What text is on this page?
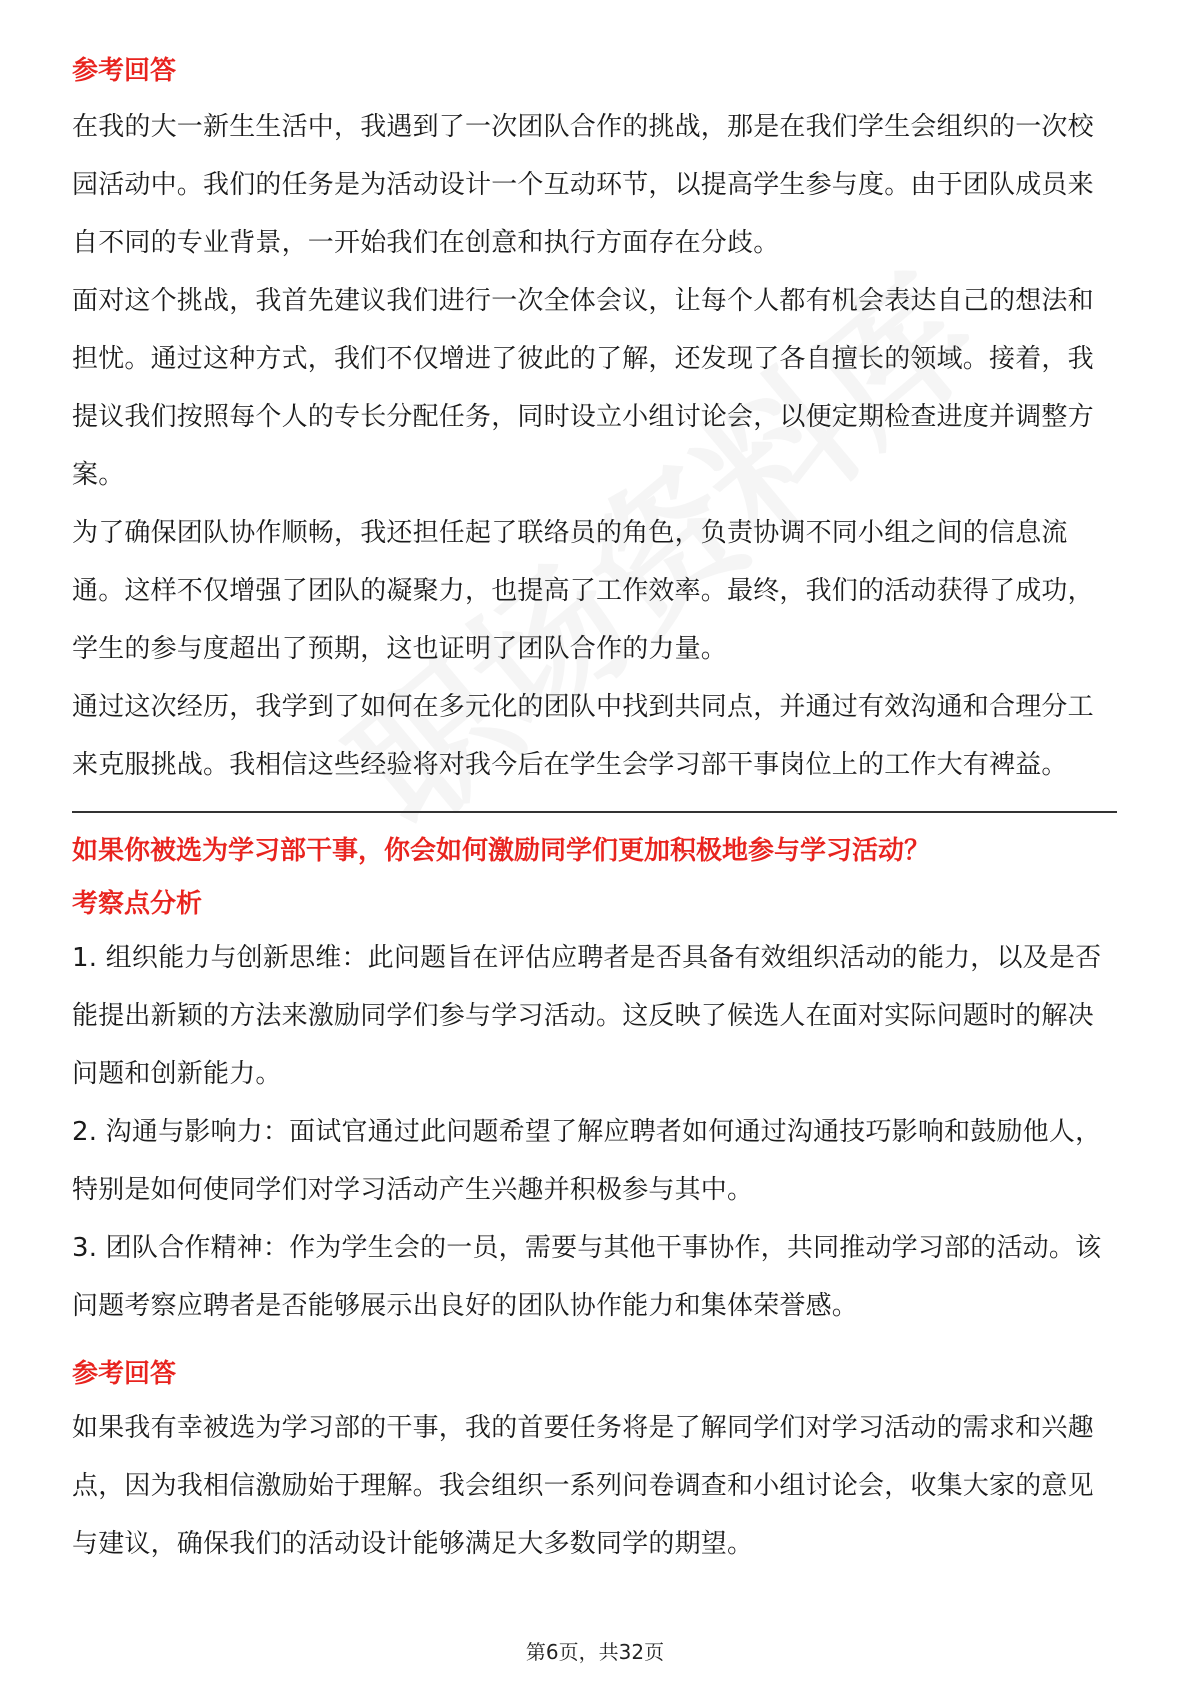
参考回答

在我的大一新生生活中，我遇到了一次团队合作的挑战，那是在我们学生会组织的一次校园活动中。我们的任务是为活动设计一个互动环节，以提高学生参与度。由于团队成员来自不同的专业背景，一开始我们在创意和执行方面存在分歧。

面对这个挑战，我首先建议我们进行一次全体会议，让每个人都有机会表达自己的想法和担忧。通过这种方式，我们不仅增进了彼此的了解，还发现了各自擅长的领域。接着，我提议我们按照每个人的专长分配任务，同时设立小组讨论会，以便定期检查进度并调整方案。

为了确保团队协作顺畅，我还担任起了联络员的角色，负责协调不同小组之间的信息流通。这样不仅增强了团队的凝聚力，也提高了工作效率。最终，我们的活动获得了成功，学生的参与度超出了预期，这也证明了团队合作的力量。

通过这次经历，我学到了如何在多元化的团队中找到共同点，并通过有效沟通和合理分工来克服挑战。我相信这些经验将对我今后在学生会学习部干事岗位上的工作大有裨益。

如果你被选为学习部干事，你会如何激励同学们更加积极地参与学习活动？

考察点分析

1. 组织能力与创新思维：此问题旨在评估应聘者是否具备有效组织活动的能力，以及是否能提出新颖的方法来激励同学们参与学习活动。这反映了候选人在面对实际问题时的解决问题和创新能力。

2. 沟通与影响力：面试官通过此问题希望了解应聘者如何通过沟通技巧影响和鼓励他人，特别是如何使同学们对学习活动产生兴趣并积极参与其中。

3. 团队合作精神：作为学生会的一员，需要与其他干事协作，共同推动学习部的活动。该问题考察应聘者是否能够展示出良好的团队协作能力和集体荣誉感。

参考回答

如果我有幸被选为学习部的干事，我的首要任务将是了解同学们对学习活动的需求和兴趣点，因为我相信激励始于理解。我会组织一系列问卷调查和小组讨论会，收集大家的意见与建议，确保我们的活动设计能够满足大多数同学的期望。

第6页，共32页
